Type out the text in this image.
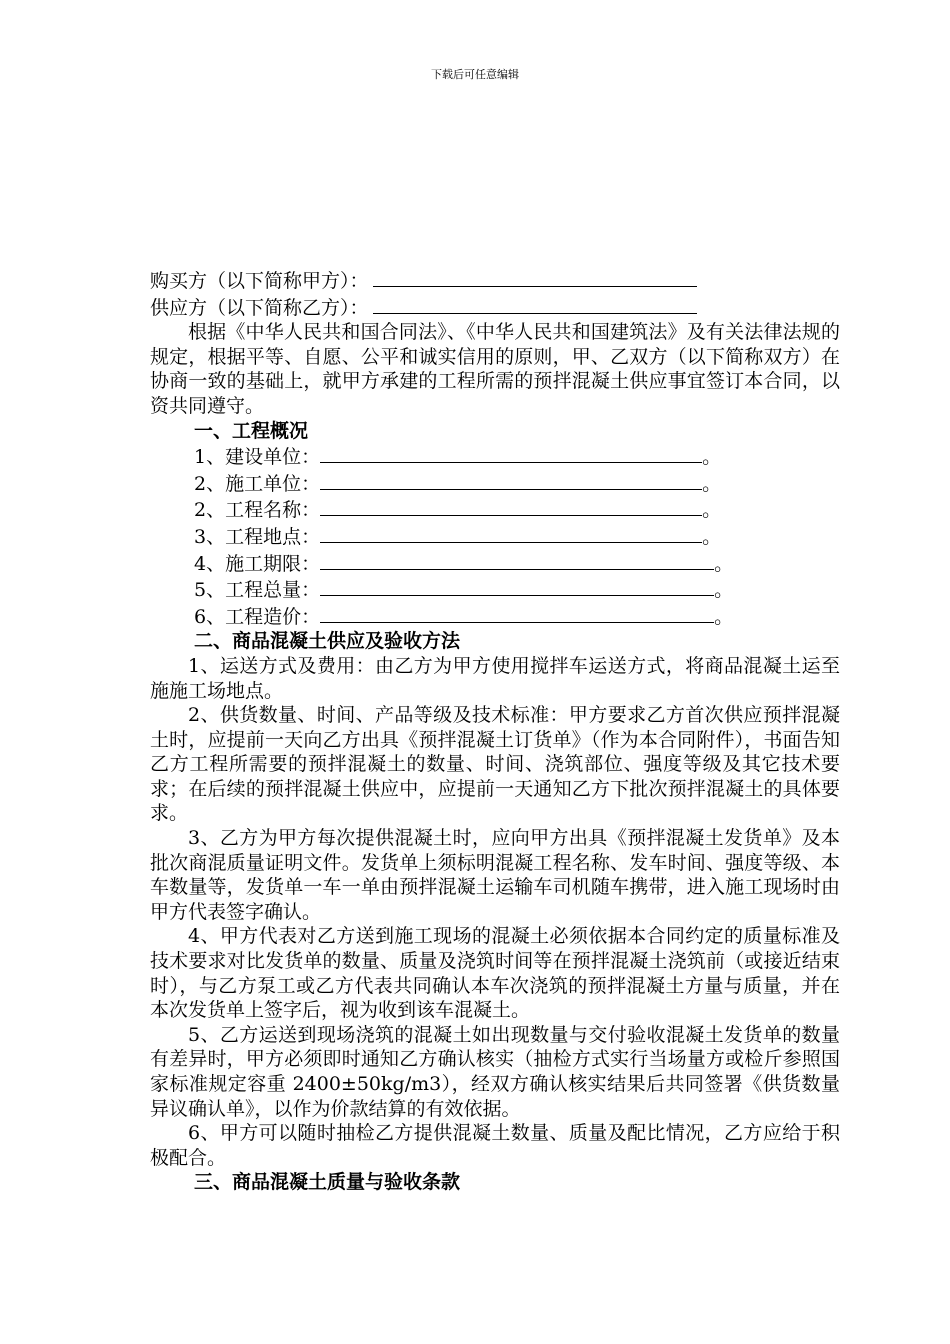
下载后可任意编辑
购买方（以下简称甲方）：
供应方（以下简称乙方）：
根据《中华人民共和国合同法》、《中华人民共和国建筑法》及有关法律法规的规定，根据平等、自愿、公平和诚实信用的原则，甲、乙双方（以下简称双方）在协商一致的基础上，就甲方承建的工程所需的预拌混凝土供应事宜签订本合同，以资共同遵守。
一、工程概况
1、建设单位：	。
2、施工单位：	。
2、工程名称：	。
3、工程地点：	。
4、施工期限：	。
5、工程总量：	。
6、工程造价：	。
二、商品混凝土供应及验收方法
1、运送方式及费用：由乙方为甲方使用搅拌车运送方式，将商品混凝土运至施施工场地点。
2、供货数量、时间、产品等级及技术标准：甲方要求乙方首次供应预拌混凝土时，应提前一天向乙方出具《预拌混凝土订货单》（作为本合同附件），书面告知乙方工程所需要的预拌混凝土的数量、时间、浇筑部位、强度等级及其它技术要求；在后续的预拌混凝土供应中，应提前一天通知乙方下批次预拌混凝土的具体要求。
3、乙方为甲方每次提供混凝土时，应向甲方出具《预拌混凝土发货单》及本批次商混质量证明文件。发货单上须标明混凝工程名称、发车时间、强度等级、本车数量等，发货单一车一单由预拌混凝土运输车司机随车携带，进入施工现场时由甲方代表签字确认。
4、甲方代表对乙方送到施工现场的混凝土必须依据本合同约定的质量标准及技术要求对比发货单的数量、质量及浇筑时间等在预拌混凝土浇筑前（或接近结束时），与乙方泵工或乙方代表共同确认本车次浇筑的预拌混凝土方量与质量，并在本次发货单上签字后，视为收到该车混凝土。
5、乙方运送到现场浇筑的混凝土如出现数量与交付验收混凝土发货单的数量有差异时，甲方必须即时通知乙方确认核实（抽检方式实行当场量方或检斤参照国家标准规定容重 2400±50kg/m3），经双方确认核实结果后共同签署《供货数量异议确认单》，以作为价款结算的有效依据。
6、甲方可以随时抽检乙方提供混凝土数量、质量及配比情况，乙方应给于积极配合。
三、商品混凝土质量与验收条款
